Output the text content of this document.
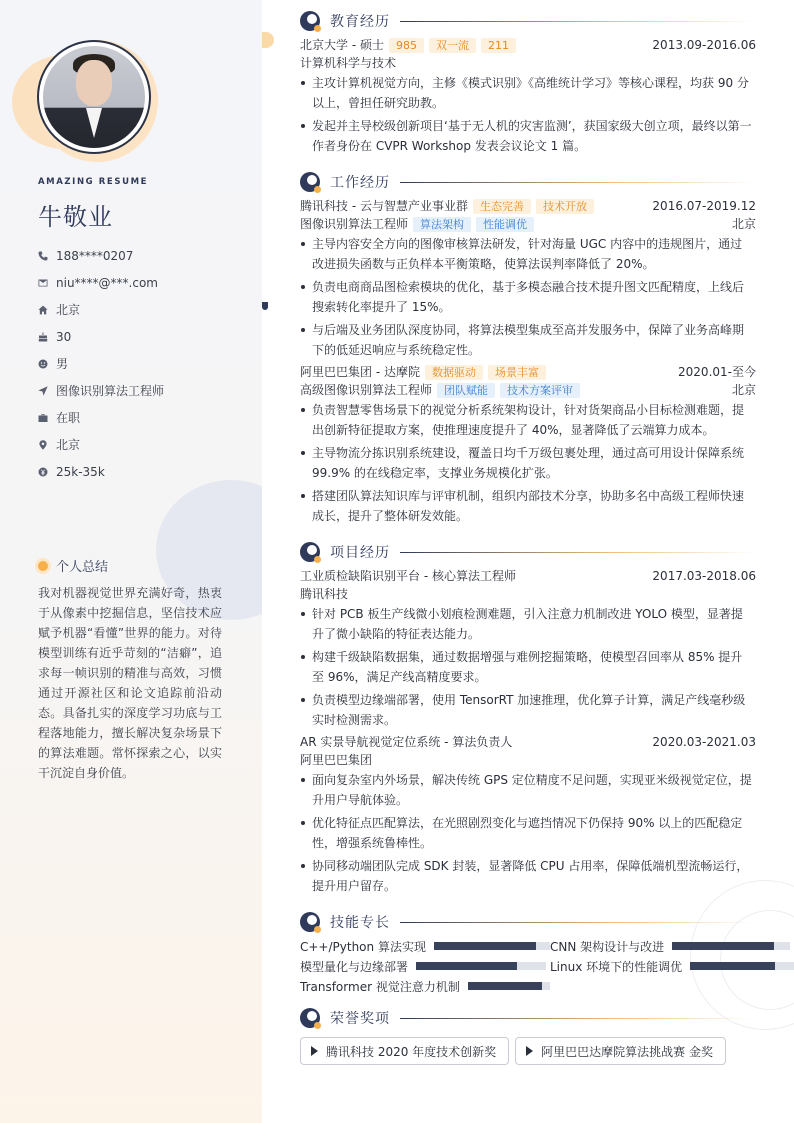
AMAZING RESUME
牛敬业
188****0207
niu****@***.com
北京
30
男
图像识别算法工程师
在职
北京
25k-35k
个人总结

我对机器视觉世界充满好奇，热衷于从像素中挖掘信息，坚信技术应赋予机器“看懂”世界的能力。对待模型训练有近乎苛刻的“洁癖”，追求每一帧识别的精准与高效，习惯通过开源社区和论文追踪前沿动态。具备扎实的深度学习功底与工程落地能力，擅长解决复杂场景下的算法难题。常怀探索之心，以实干沉淀自身价值。

教育经历
北京大学 - 硕士	985	双一流	211	2013.09-2016.06
计算机科学与技术
主攻计算机视觉方向，主修《模式识别》《高维统计学习》等核心课程，均获 90 分以上，曾担任研究助教。
发起并主导校级创新项目‘基于无人机的灾害监测’，获国家级大创立项，最终以第一作者身份在 CVPR Workshop 发表会议论文 1 篇。
工作经历
腾讯科技 - 云与智慧产业事业群	生态完善	技术开放	2016.07-2019.12
图像识别算法工程师	算法架构	性能调优	北京
主导内容安全方向的图像审核算法研发，针对海量 UGC 内容中的违规图片，通过改进损失函数与正负样本平衡策略，使算法误判率降低了 20%。
负责电商商品图检索模块的优化，基于多模态融合技术提升图文匹配精度，上线后搜索转化率提升了 15%。
与后端及业务团队深度协同，将算法模型集成至高并发服务中，保障了业务高峰期下的低延迟响应与系统稳定性。
阿里巴巴集团 - 达摩院	数据驱动	场景丰富	2020.01-至今
高级图像识别算法工程师	团队赋能	技术方案评审	北京
负责智慧零售场景下的视觉分析系统架构设计，针对货架商品小目标检测难题，提出创新特征提取方案，使推理速度提升了 40%，显著降低了云端算力成本。
主导物流分拣识别系统建设，覆盖日均千万级包裹处理，通过高可用设计保障系统 99.9% 的在线稳定率，支撑业务规模化扩张。
搭建团队算法知识库与评审机制，组织内部技术分享，协助多名中高级工程师快速成长，提升了整体研发效能。
项目经历
工业质检缺陷识别平台 - 核心算法工程师	2017.03-2018.06
腾讯科技
针对 PCB 板生产线微小划痕检测难题，引入注意力机制改进 YOLO 模型，显著提升了微小缺陷的特征表达能力。
构建千级缺陷数据集，通过数据增强与难例挖掘策略，使模型召回率从 85% 提升至 96%，满足产线高精度要求。
负责模型边缘端部署，使用 TensorRT 加速推理，优化算子计算，满足产线毫秒级实时检测需求。
AR 实景导航视觉定位系统 - 算法负责人	2020.03-2021.03
阿里巴巴集团
面向复杂室内外场景，解决传统 GPS 定位精度不足问题，实现亚米级视觉定位，提升用户导航体验。
优化特征点匹配算法，在光照剧烈变化与遮挡情况下仍保持 90% 以上的匹配稳定性，增强系统鲁棒性。
协同移动端团队完成 SDK 封装，显著降低 CPU 占用率，保障低端机型流畅运行，提升用户留存。
技能专长
C++/Python 算法实现	CNN 架构设计与改进
模型量化与边缘部署	Linux 环境下的性能调优
Transformer 视觉注意力机制
荣誉奖项
腾讯科技 2020 年度技术创新奖	阿里巴巴达摩院算法挑战赛 金奖
